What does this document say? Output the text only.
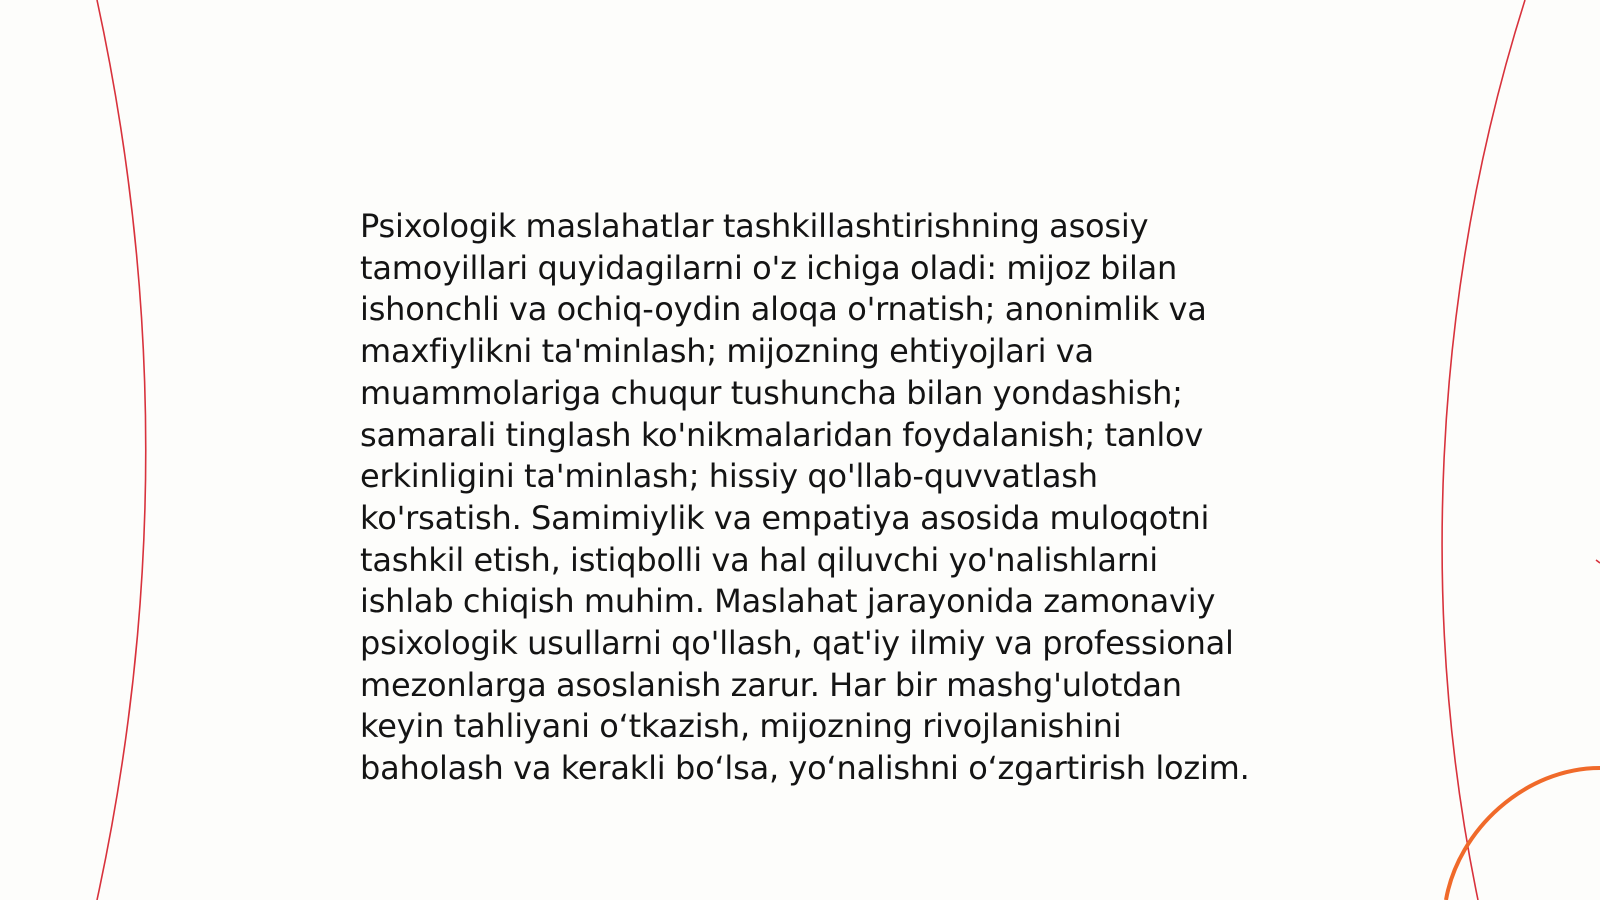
Psixologik maslahatlar tashkillashtirishning asosiy tamoyillari quyidagilarni o'z ichiga oladi: mijoz bilan ishonchli va ochiq-oydin aloqa o'rnatish; anonimlik va maxfiylikni ta'minlash; mijozning ehtiyojlari va muammolariga chuqur tushuncha bilan yondashish; samarali tinglash ko'nikmalaridan foydalanish; tanlov erkinligini ta'minlash; hissiy qo'llab-quvvatlash ko'rsatish. Samimiylik va empatiya asosida muloqotni tashkil etish, istiqbolli va hal qiluvchi yo'nalishlarni ishlab chiqish muhim. Maslahat jarayonida zamonaviy psixologik usullarni qo'llash, qat'iy ilmiy va professional mezonlarga asoslanish zarur. Har bir mashg'ulotdan keyin tahliyani o‘tkazish, mijozning rivojlanishini baholash va kerakli bo‘lsa, yo‘nalishni o‘zgartirish lozim.
